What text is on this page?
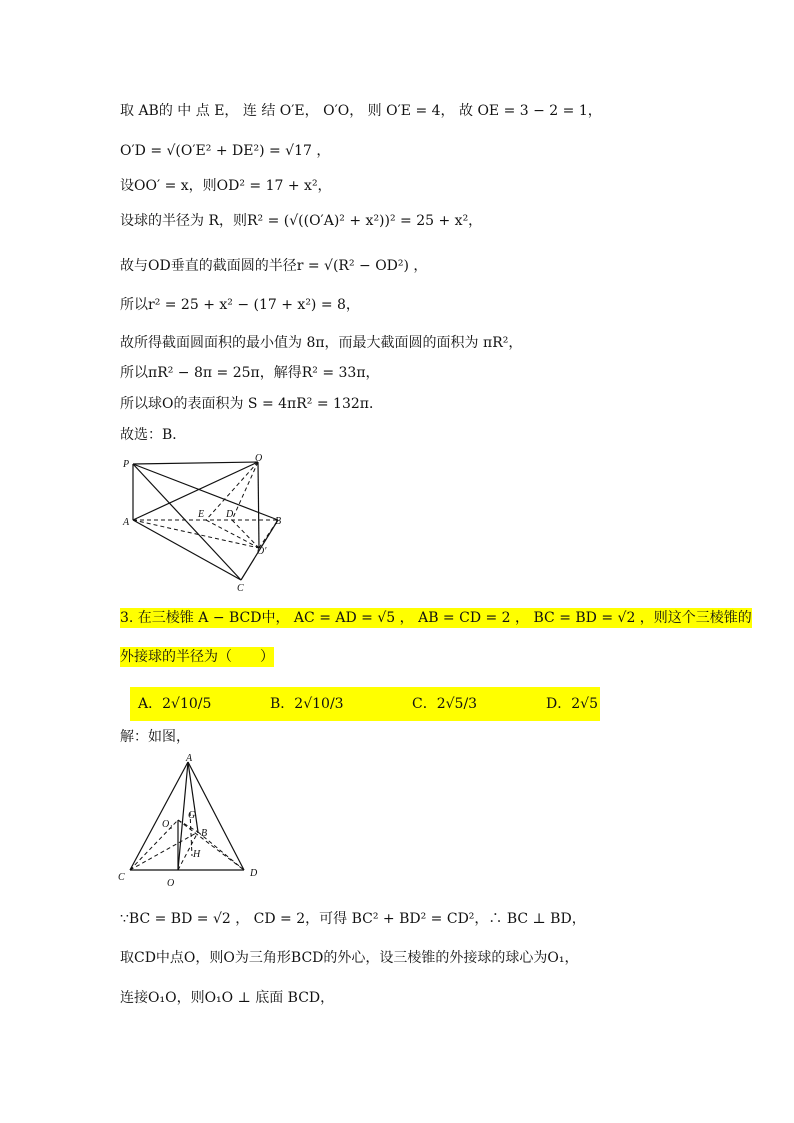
取 AB的 中 点 E， 连 结 O′E， O′O， 则 O′E = 4， 故 OE = 3 − 2 = 1，
O′D = √(O′E² + DE²) = √17 ，
设OO′ = x，则OD² = 17 + x²，
设球的半径为 R，则R² = (√((O′A)² + x²))² = 25 + x²，
故与OD垂直的截面圆的半径r = √(R² − OD²) ，
所以r² = 25 + x² − (17 + x²) = 8，
故所得截面圆面积的最小值为 8π，而最大截面圆的面积为 πR²，
所以πR² − 8π = 25π，解得R² = 33π，
所以球O的表面积为 S = 4πR² = 132π．
故选：B．
P
O
A
E D
B
O′
C
3. 在三棱锥 A − BCD中， AC = AD = √5 ， AB = CD = 2 ， BC = BD = √2 ，则这个三棱锥的
外接球的半径为（　　）
A．2√10/5	B．2√10/3	C．2√5/3	D．2√5
解：如图，
A
O₁
G
B
H
C
O
D
∵BC = BD = √2 ， CD = 2，可得 BC² + BD² = CD²，∴ BC ⊥ BD，
取CD中点O，则O为三角形BCD的外心，设三棱锥的外接球的球心为O₁，
连接O₁O，则O₁O ⊥ 底面 BCD，
